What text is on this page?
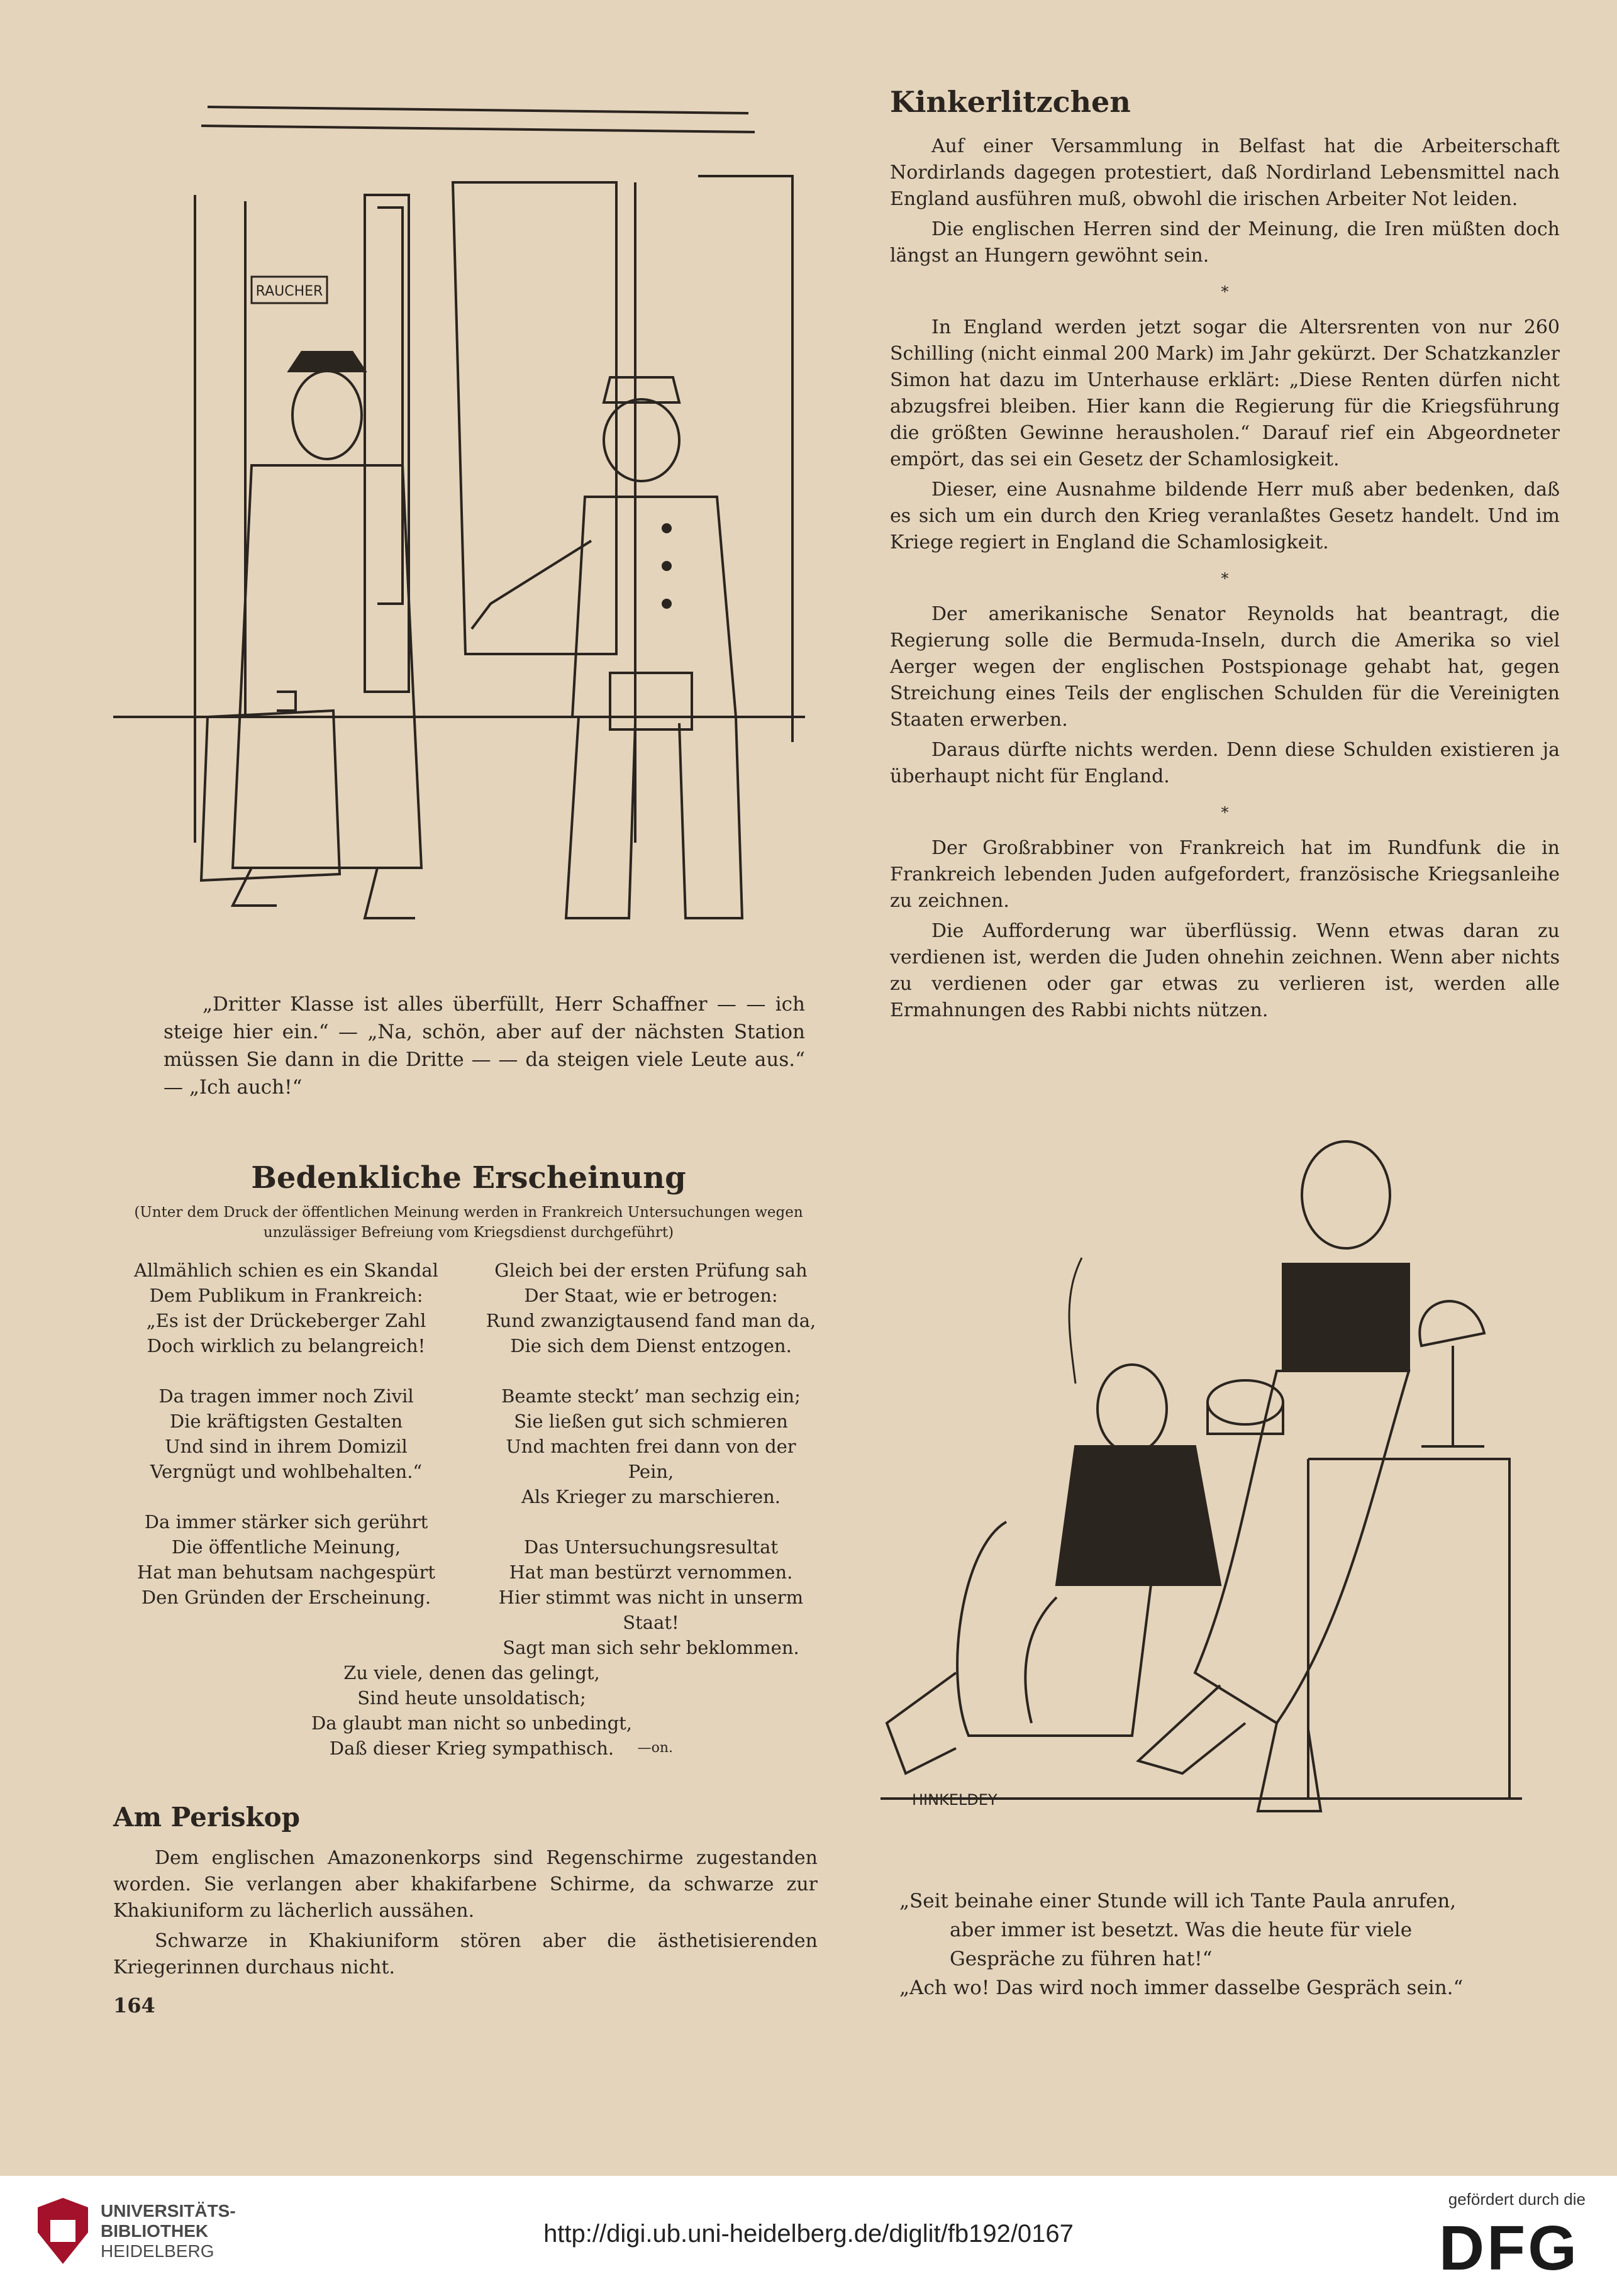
RAUCHER

„Dritter Klasse ist alles überfüllt, Herr Schaffner — — ich steige hier ein.“ — „Na, schön, aber auf der nächsten Station müssen Sie dann in die Dritte — — da steigen viele Leute aus.“ — „Ich auch!“

Kinkerlitzchen

Auf einer Versammlung in Belfast hat die Arbeiterschaft Nordirlands dagegen protestiert, daß Nordirland Lebensmittel nach England ausführen muß, obwohl die irischen Arbeiter Not leiden.

Die englischen Herren sind der Meinung, die Iren müßten doch längst an Hungern gewöhnt sein.

*

In England werden jetzt sogar die Altersrenten von nur 260 Schilling (nicht einmal 200 Mark) im Jahr gekürzt. Der Schatzkanzler Simon hat dazu im Unterhause erklärt: „Diese Renten dürfen nicht abzugsfrei bleiben. Hier kann die Regierung für die Kriegsführung die größten Gewinne herausholen.“ Darauf rief ein Abgeordneter empört, das sei ein Gesetz der Schamlosigkeit.

Dieser, eine Ausnahme bildende Herr muß aber bedenken, daß es sich um ein durch den Krieg veranlaßtes Gesetz handelt. Und im Kriege regiert in England die Schamlosigkeit.

*

Der amerikanische Senator Reynolds hat beantragt, die Regierung solle die Bermuda-Inseln, durch die Amerika so viel Aerger wegen der englischen Postspionage gehabt hat, gegen Streichung eines Teils der englischen Schulden für die Vereinigten Staaten erwerben.

Daraus dürfte nichts werden. Denn diese Schulden existieren ja überhaupt nicht für England.

*

Der Großrabbiner von Frankreich hat im Rundfunk die in Frankreich lebenden Juden aufgefordert, französische Kriegsanleihe zu zeichnen.

Die Aufforderung war überflüssig. Wenn etwas daran zu verdienen ist, werden die Juden ohnehin zeichnen. Wenn aber nichts zu verdienen oder gar etwas zu verlieren ist, werden alle Ermahnungen des Rabbi nichts nützen.

Bedenkliche Erscheinung

(Unter dem Druck der öffentlichen Meinung werden in Frankreich Untersuchungen wegen unzulässiger Befreiung vom Kriegsdienst durchgeführt)

Allmählich schien es ein Skandal
Dem Publikum in Frankreich:
„Es ist der Drückeberger Zahl
Doch wirklich zu belangreich!
Da tragen immer noch Zivil
Die kräftigsten Gestalten
Und sind in ihrem Domizil
Vergnügt und wohlbehalten.“
Da immer stärker sich gerührt
Die öffentliche Meinung,
Hat man behutsam nachgespürt
Den Gründen der Erscheinung.
Gleich bei der ersten Prüfung sah
Der Staat, wie er betrogen:
Rund zwanzigtausend fand man da,
Die sich dem Dienst entzogen.
Beamte steckt’ man sechzig ein;
Sie ließen gut sich schmieren
Und machten frei dann von der Pein,
Als Krieger zu marschieren.
Das Untersuchungsresultat
Hat man bestürzt vernommen.
Hier stimmt was nicht in unserm Staat!
Sagt man sich sehr beklommen.
Zu viele, denen das gelingt,
Sind heute unsoldatisch;
Da glaubt man nicht so unbedingt,
Daß dieser Krieg sympathisch. —on.
Am Periskop

Dem englischen Amazonenkorps sind Regenschirme zugestanden worden. Sie verlangen aber khakifarbene Schirme, da schwarze zur Khakiuniform zu lächerlich aussähen.

Schwarze in Khakiuniform stören aber die ästhetisierenden Kriegerinnen durchaus nicht.

164
HINKELDEY
„Seit beinahe einer Stunde will ich Tante Paula anrufen,
aber immer ist besetzt. Was die heute für viele
Gespräche zu führen hat!“
„Ach wo! Das wird noch immer dasselbe Gespräch sein.“
UNIVERSITÄTS-
BIBLIOTHEK
HEIDELBERG
http://digi.ub.uni-heidelberg.de/diglit/fb192/0167
gefördert durch die
DFG
